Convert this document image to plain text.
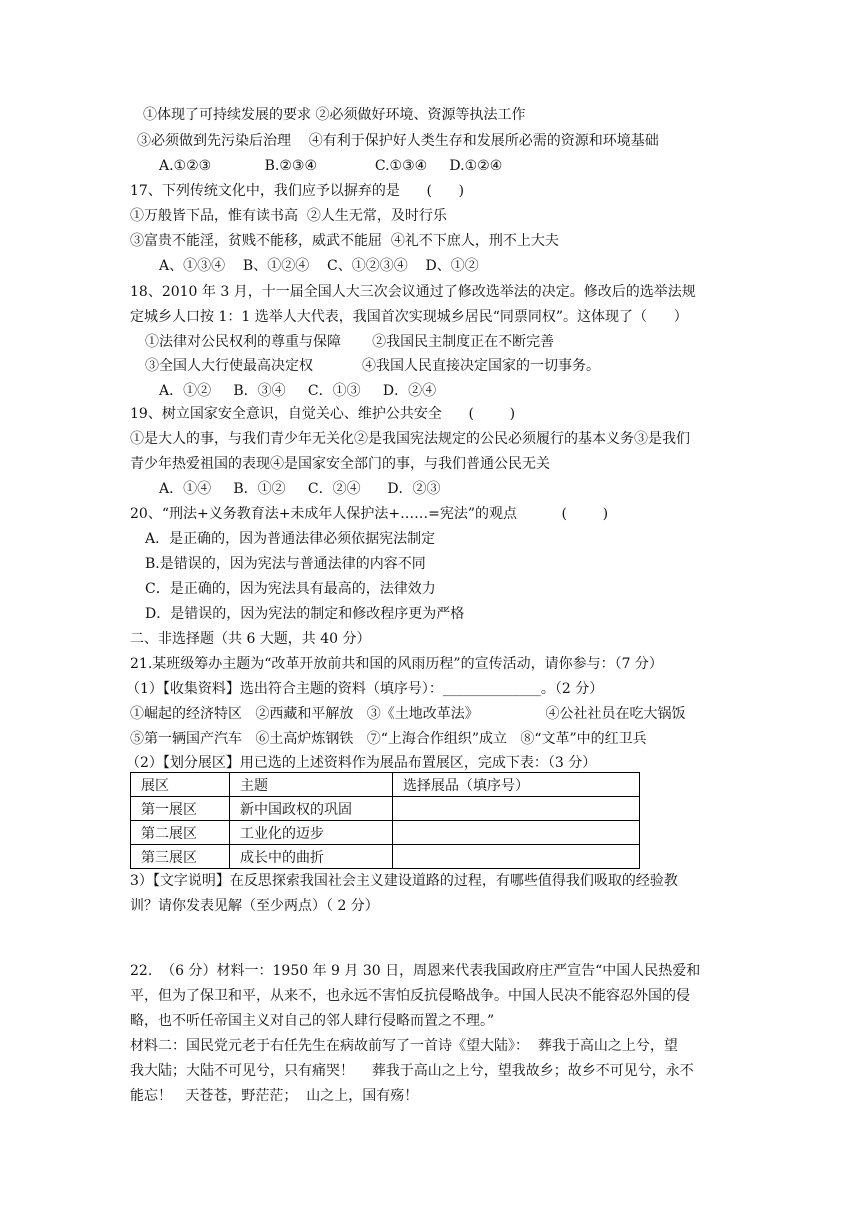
①体现了可持续发展的要求 ②必须做好环境、资源等执法工作
③必须做到先污染后治理    ④有利于保护好人类生存和发展所必需的资源和环境基础
A.①②③            B.②③④             C.①③④     D.①②④
17、下列传统文化中，我们应予以摒弃的是      (      )
①万般皆下品，惟有读书高  ②人生无常，及时行乐
③富贵不能淫，贫贱不能移，威武不能屈  ④礼不下庶人，刑不上大夫
A、①③④    B、①②④    C、①②③④    D、①②
18、2010 年 3 月，十一届全国人大三次会议通过了修改选举法的决定。修改后的选举法规
定城乡人口按 1：1 选举人大代表，我国首次实现城乡居民“同票同权”。这体现了（      ）
①法律对公民权利的尊重与保障       ②我国民主制度正在不断完善
③全国人大行使最高决定权           ④我国人民直接决定国家的一切事务。
A．①②     B．③④     C．①③     D．②④
19、树立国家安全意识，自觉关心、维护公共安全      (        )
①是大人的事，与我们青少年无关化②是我国宪法规定的公民必须履行的基本义务③是我们
青少年热爱祖国的表现④是国家安全部门的事，与我们普通公民无关
A．①④     B．①②     C．②④      D．②③
20、“刑法+义务教育法+未成年人保护法+……=宪法”的观点          (        )
A．是正确的，因为普通法律必须依据宪法制定
B.是错误的，因为宪法与普通法律的内容不同
C．是正确的，因为宪法具有最高的，法律效力
D．是错误的，因为宪法的制定和修改程序更为严格
二、非选择题（共 6 大题，共 40 分）
21.某班级筹办主题为“改革开放前共和国的风雨历程”的宣传活动，请你参与：（7 分）
（1）【收集资料】选出符合主题的资料（填序号）：______________。（2 分）
①崛起的经济特区   ②西藏和平解放   ③《土地改革法》               ④公社社员在吃大锅饭
⑤第一辆国产汽车   ⑥土高炉炼钢铁   ⑦“上海合作组织”成立   ⑧“文革”中的红卫兵
（2）【划分展区】用已选的上述资料作为展品布置展区，完成下表：（3 分）
展区	主题	选择展品（填序号）
第一展区	新中国政权的巩固	
第二展区	工业化的迈步	
第三展区	成长中的曲折	
3）【文字说明】在反思探索我国社会主义建设道路的过程，有哪些值得我们吸取的经验教
训？请你发表见解（至少两点）（ 2 分）
22.  （6 分）材料一：1950 年 9 月 30 日，周恩来代表我国政府庄严宣告“中国人民热爱和
平，但为了保卫和平，从来不，也永远不害怕反抗侵略战争。中国人民决不能容忍外国的侵
略，也不听任帝国主义对自己的邻人肆行侵略而置之不理。”
材料二：国民党元老于右任先生在病故前写了一首诗《望大陆》：  葬我于高山之上兮，望
我大陆；大陆不可见兮，只有痛哭！    葬我于高山之上兮，望我故乡；故乡不可见兮，永不
能忘！   天苍苍，野茫茫；  山之上，国有殇！
